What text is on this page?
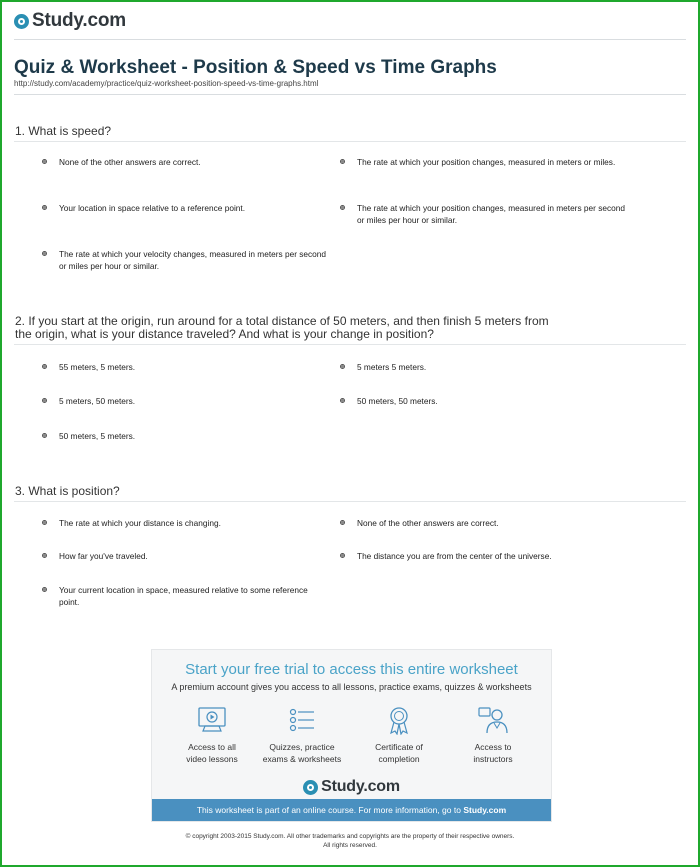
Study.com
Quiz & Worksheet - Position & Speed vs Time Graphs
http://study.com/academy/practice/quiz-worksheet-position-speed-vs-time-graphs.html
1. What is speed?
None of the other answers are correct.	The rate at which your position changes, measured in meters or miles.
Your location in space relative to a reference point.	The rate at which your position changes, measured in meters per second or miles per hour or similar.
The rate at which your velocity changes, measured in meters per second or miles per hour or similar.
2. If you start at the origin, run around for a total distance of 50 meters, and then finish 5 meters from
the origin, what is your distance traveled? And what is your change in position?
55 meters, 5 meters.	5 meters 5 meters.
5 meters, 50 meters.	50 meters, 50 meters.
50 meters, 5 meters.
3. What is position?
The rate at which your distance is changing.	None of the other answers are correct.
How far you've traveled.	The distance you are from the center of the universe.
Your current location in space, measured relative to some reference point.
Start your free trial to access this entire worksheet
A premium account gives you access to all lessons, practice exams, quizzes & worksheets
Access to all
video lessons
Quizzes, practice
exams & worksheets
Certificate of
completion
Access to
instructors
Study.com
This worksheet is part of an online course. For more information, go to Study.com
© copyright 2003-2015 Study.com. All other trademarks and copyrights are the property of their respective owners.
All rights reserved.
